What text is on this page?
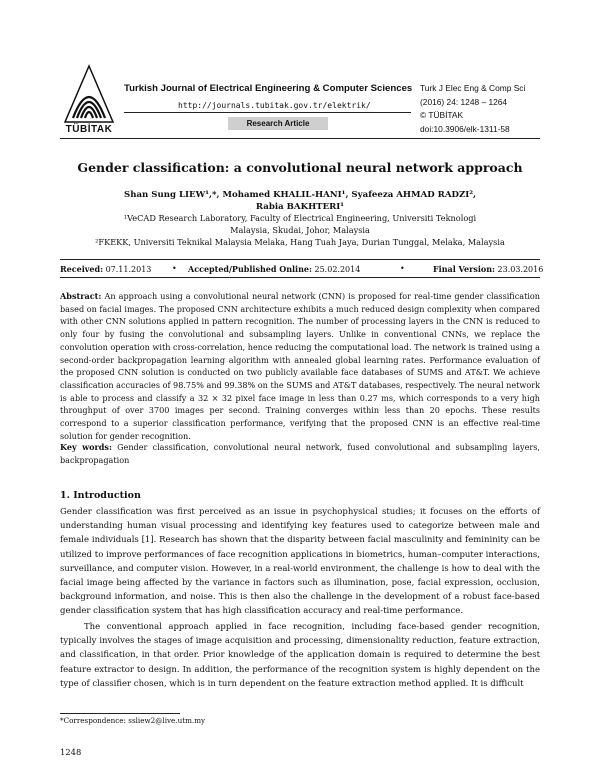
TÜBİTAK
Turkish Journal of Electrical Engineering & Computer Sciences
http://journals.tubitak.gov.tr/elektrik/
Research Article
Turk J Elec Eng & Comp Sci
(2016) 24: 1248 – 1264
© TÜBİTAK
doi:10.3906/elk-1311-58
Gender classification: a convolutional neural network approach
Shan Sung LIEW¹,*, Mohamed KHALIL-HANI¹, Syafeeza AHMAD RADZI², Rabia BAKHTERI¹
¹VeCAD Research Laboratory, Faculty of Electrical Engineering, Universiti Teknologi Malaysia, Skudai, Johor, Malaysia
²FKEKK, Universiti Teknikal Malaysia Melaka, Hang Tuah Jaya, Durian Tunggal, Melaka, Malaysia
Received: 07.11.2013	• Accepted/Published Online: 25.02.2014	•	Final Version: 23.03.2016
Abstract: An approach using a convolutional neural network (CNN) is proposed for real-time gender classification based on facial images. The proposed CNN architecture exhibits a much reduced design complexity when compared with other CNN solutions applied in pattern recognition. The number of processing layers in the CNN is reduced to only four by fusing the convolutional and subsampling layers. Unlike in conventional CNNs, we replace the convolution operation with cross-correlation, hence reducing the computational load. The network is trained using a second-order backpropagation learning algorithm with annealed global learning rates. Performance evaluation of the proposed CNN solution is conducted on two publicly available face databases of SUMS and AT&T. We achieve classification accuracies of 98.75% and 99.38% on the SUMS and AT&T databases, respectively. The neural network is able to process and classify a 32 × 32 pixel face image in less than 0.27 ms, which corresponds to a very high throughput of over 3700 images per second. Training converges within less than 20 epochs. These results correspond to a superior classification performance, verifying that the proposed CNN is an effective real-time solution for gender recognition.
Key words: Gender classification, convolutional neural network, fused convolutional and subsampling layers, backpropagation
1. Introduction
Gender classification was first perceived as an issue in psychophysical studies; it focuses on the efforts of understanding human visual processing and identifying key features used to categorize between male and female individuals [1]. Research has shown that the disparity between facial masculinity and femininity can be utilized to improve performances of face recognition applications in biometrics, human–computer interactions, surveillance, and computer vision. However, in a real-world environment, the challenge is how to deal with the facial image being affected by the variance in factors such as illumination, pose, facial expression, occlusion, background information, and noise. This is then also the challenge in the development of a robust face-based gender classification system that has high classification accuracy and real-time performance.
The conventional approach applied in face recognition, including face-based gender recognition, typically involves the stages of image acquisition and processing, dimensionality reduction, feature extraction, and classification, in that order. Prior knowledge of the application domain is required to determine the best feature extractor to design. In addition, the performance of the recognition system is highly dependent on the type of classifier chosen, which is in turn dependent on the feature extraction method applied. It is difficult
*Correspondence: ssliew2@live.utm.my
1248
